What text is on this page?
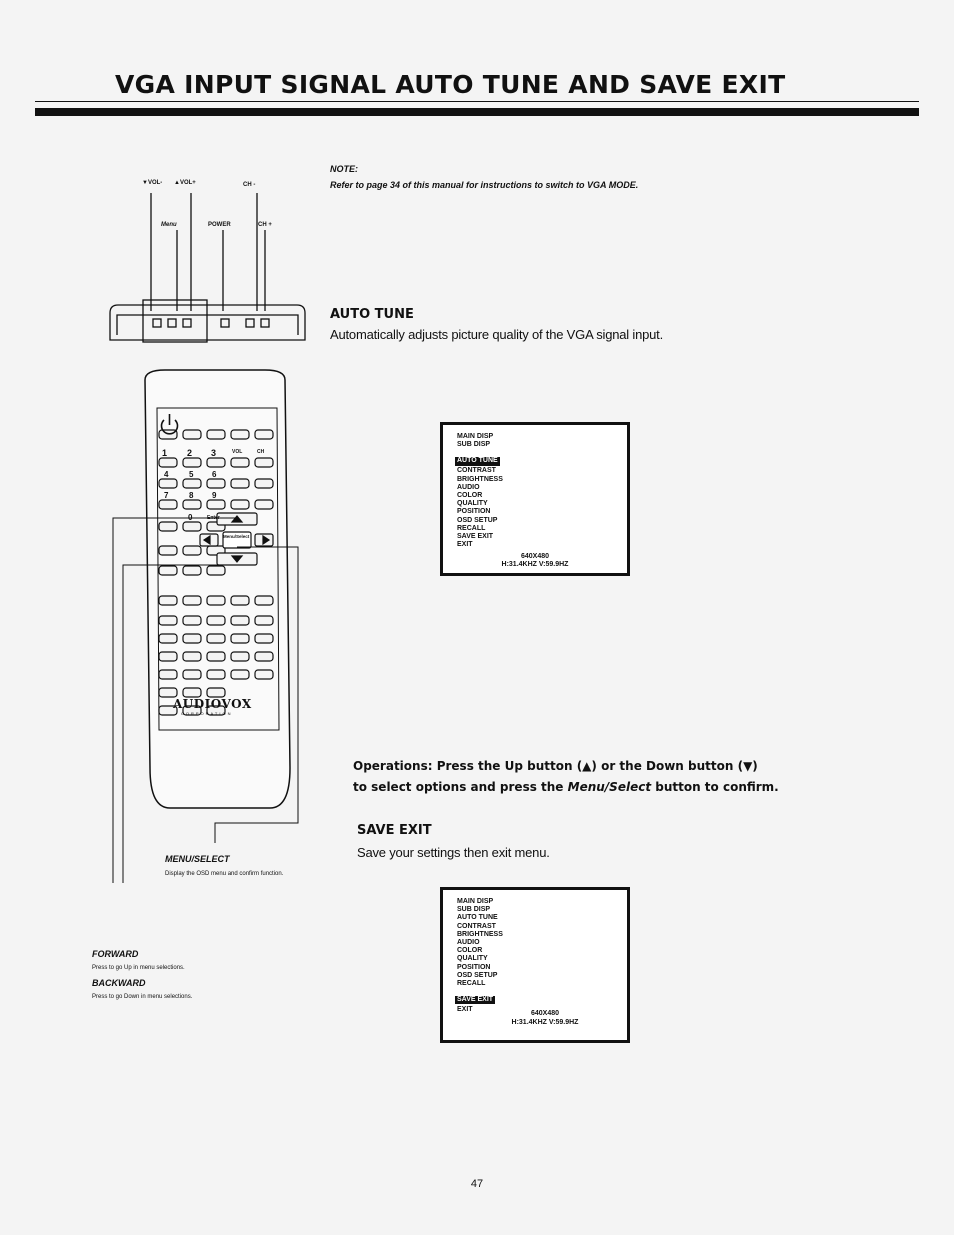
VGA INPUT SIGNAL AUTO TUNE AND SAVE EXIT
NOTE:
Refer to page 34 of this manual for instructions to switch to VGA MODE.
▼VOL- ▲VOL+	CH -
Menu	POWER	CH +
AUTO TUNE
Automatically adjusts picture quality of the VGA signal input.
MAIN DISP
SUB DISP
AUTO TUNE
CONTRAST
BRIGHTNESS
AUDIO
COLOR
QUALITY
POSITION
OSD SETUP
RECALL
SAVE EXIT
EXIT
640X480
H:31.4KHZ V:59.9HZ
AUDIOVOX
CORPORATION
Menu/Select
1 2 3	VOL	CH
4	5 6
7	8 9
0	Enter
Operations: Press the Up button (▲) or the Down button (▼)
to select options and press the Menu/Select button to confirm.
SAVE EXIT
Save your settings then exit menu.
MAIN DISP
SUB DISP
AUTO TUNE
CONTRAST
BRIGHTNESS
AUDIO
COLOR
QUALITY
POSITION
OSD SETUP
RECALL
SAVE EXIT
EXIT
640X480
H:31.4KHZ V:59.9HZ
MENU/SELECT
Display the OSD menu and confirm function.
FORWARD
Press to go Up in menu selections.
BACKWARD
Press to go Down in menu selections.
47
